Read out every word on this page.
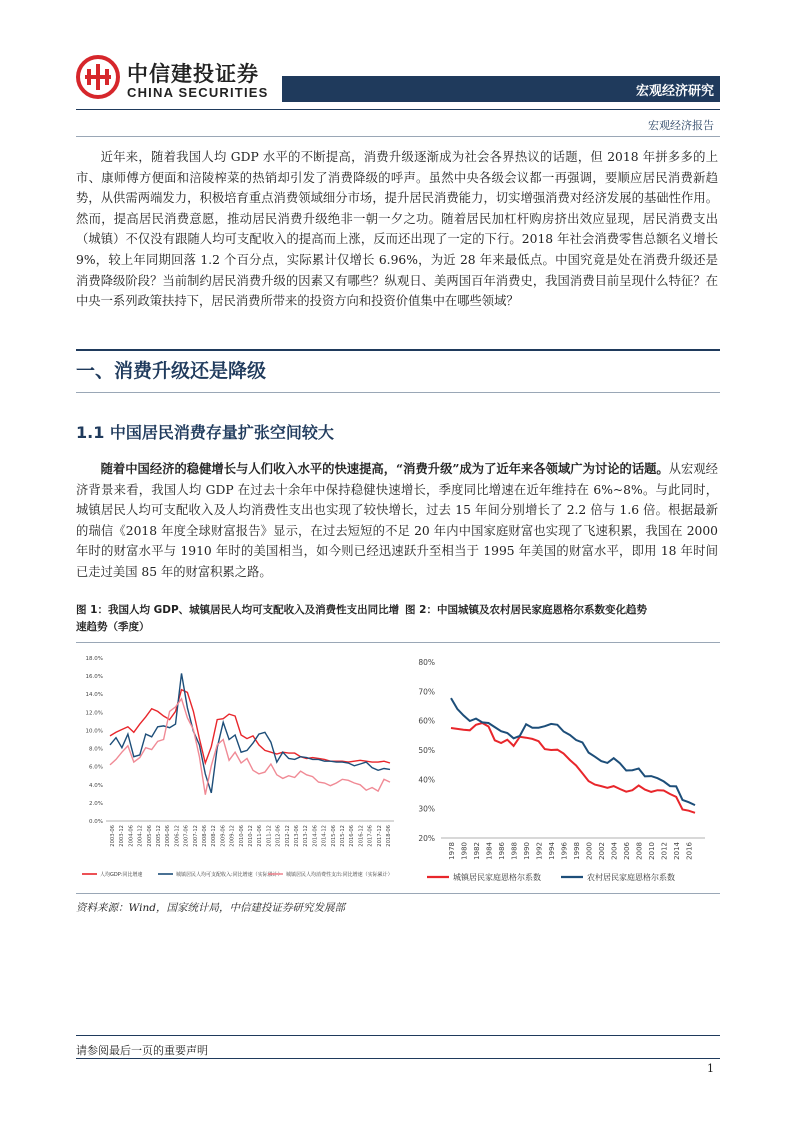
中信建投证券
CHINA SECURITIES	宏观经济研究
宏观经济报告
近年来，随着我国人均 GDP 水平的不断提高，消费升级逐渐成为社会各界热议的话题，但 2018 年拼多多的上市、康师傅方便面和涪陵榨菜的热销却引发了消费降级的呼声。虽然中央各级会议都一再强调，要顺应居民消费新趋势，从供需两端发力，积极培育重点消费领域细分市场，提升居民消费能力，切实增强消费对经济发展的基础性作用。然而，提高居民消费意愿，推动居民消费升级绝非一朝一夕之功。随着居民加杠杆购房挤出效应显现，居民消费支出（城镇）不仅没有跟随人均可支配收入的提高而上涨，反而还出现了一定的下行。2018 年社会消费零售总额名义增长 9%，较上年同期回落 1.2 个百分点，实际累计仅增长 6.96%，为近 28 年来最低点。中国究竟是处在消费升级还是消费降级阶段？当前制约居民消费升级的因素又有哪些？纵观日、美两国百年消费史，我国消费目前呈现什么特征？在中央一系列政策扶持下，居民消费所带来的投资方向和投资价值集中在哪些领域？
一、消费升级还是降级
1.1 中国居民消费存量扩张空间较大
随着中国经济的稳健增长与人们收入水平的快速提高，“消费升级”成为了近年来各领域广为讨论的话题。从宏观经济背景来看，我国人均 GDP 在过去十余年中保持稳健快速增长，季度同比增速在近年维持在 6%~8%。与此同时，城镇居民人均可支配收入及人均消费性支出也实现了较快增长，过去 15 年间分别增长了 2.2 倍与 1.6 倍。根据最新的瑞信《2018 年度全球财富报告》显示，在过去短短的不足 20 年内中国家庭财富也实现了飞速积累，我国在 2000 年时的财富水平与 1910 年时的美国相当，如今则已经迅速跃升至相当于 1995 年美国的财富水平，即用 18 年时间已走过美国 85 年的财富积累之路。
图 1：我国人均 GDP、城镇居民人均可支配收入及消费性支出同比增速趋势（季度）
图 2：中国城镇及农村居民家庭恩格尔系数变化趋势
0.0%
2.0%
4.0%
6.0%
8.0%
10.0%
12.0%
14.0%
16.0%
18.0%
2003-06 2003-12 2004-06 2004-12 2005-06 2005-12 2006-06 2006-12 2007-06 2007-12 2008-06 2008-12 2009-06 2009-12 2010-06 2010-12 2011-06 2011-12 2012-06 2012-12 2013-06 2013-12 2014-06 2014-12 2015-06 2015-12 2016-06 2016-12 2017-06 2017-12 2018-06
人均GDP:同比增速	城镇居民人均可支配收入:同比增速（实际累计） 城镇居民人均消费性支出:同比增速（实际累计）
20%
30%
40%
50%
60%
70%
80%
1978 1980 1982 1984 1986 1988 1990 1992 1994 1996 1998 2000 2002 2004 2006 2008 2010 2012 2014 2016
城镇居民家庭恩格尔系数	农村居民家庭恩格尔系数
资料来源：Wind，国家统计局，中信建投证券研究发展部
请参阅最后一页的重要声明
1
